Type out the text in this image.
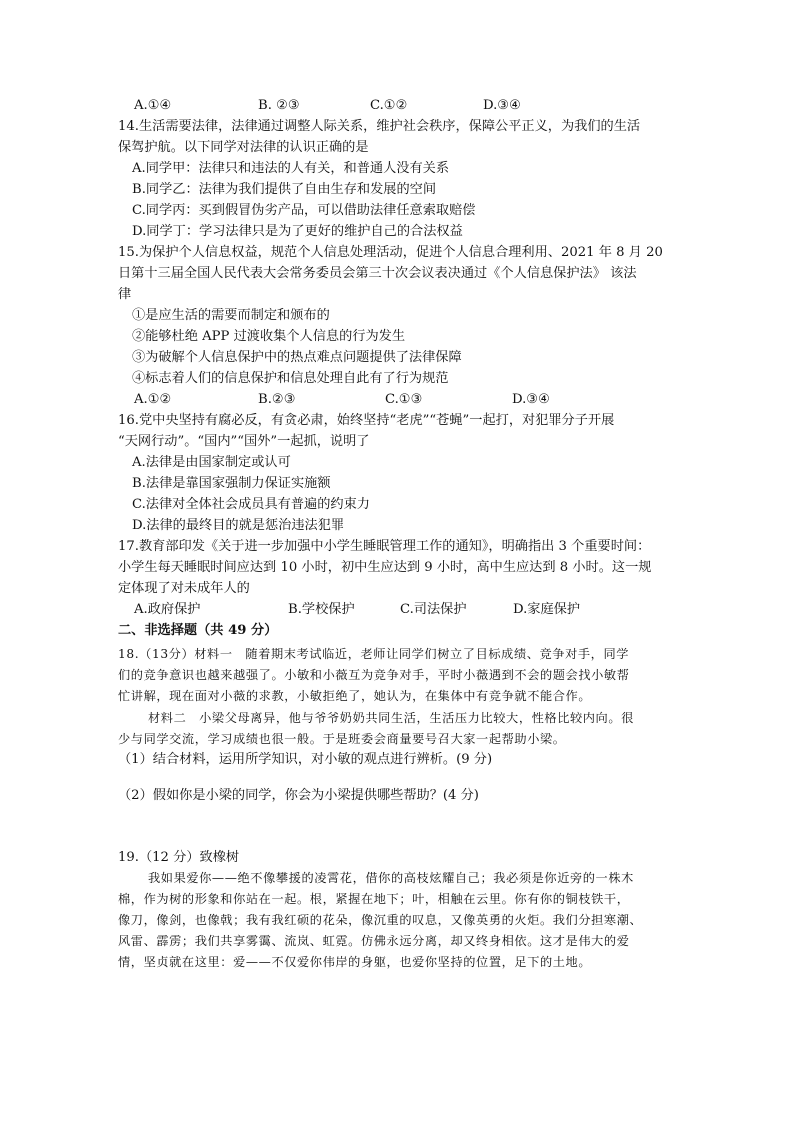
A.①④	B. ②③	C.①②	D.③④
14.生活需要法律，法律通过调整人际关系，维护社会秩序，保障公平正义，为我们的生活
保驾护航。以下同学对法律的认识正确的是
A.同学甲：法律只和违法的人有关，和普通人没有关系
B.同学乙：法律为我们提供了自由生存和发展的空间
C.同学丙：买到假冒伪劣产品，可以借助法律任意索取赔偿
D.同学丁：学习法律只是为了更好的维护自己的合法权益
15.为保护个人信息权益，规范个人信息处理活动，促进个人信息合理利用、2021 年 8 月 20
日第十三届全国人民代表大会常务委员会第三十次会议表决通过《个人信息保护法》 该法
律
①是应生活的需要而制定和颁布的
②能够杜绝 APP 过渡收集个人信息的行为发生
③为破解个人信息保护中的热点难点问题提供了法律保障
④标志着人们的信息保护和信息处理自此有了行为规范
A.①②	B.②③	C.①③	D.③④
16.党中央坚持有腐必反，有贪必肃，始终坚持“老虎”“苍蝇”一起打，对犯罪分子开展
“天网行动”。“国内”“国外”一起抓，说明了
A.法律是由国家制定或认可
B.法律是靠国家强制力保证实施额
C.法律对全体社会成员具有普遍的约束力
D.法律的最终目的就是惩治违法犯罪
17.教育部印发《关于进一步加强中小学生睡眠管理工作的通知》，明确指出 3 个重要时间：
小学生每天睡眠时间应达到 10 小时，初中生应达到 9 小时，高中生应达到 8 小时。这一规
定体现了对未成年人的
A.政府保护	B.学校保护	C.司法保护	D.家庭保护
二、非选择题（共 49 分）
18.（13分）材料一　随着期末考试临近，老师让同学们树立了目标成绩、竞争对手，同学
们的竞争意识也越来越强了。小敏和小薇互为竞争对手，平时小薇遇到不会的题会找小敏帮
忙讲解，现在面对小薇的求教，小敏拒绝了，她认为，在集体中有竞争就不能合作。
材料二　小梁父母离异，他与爷爷奶奶共同生活，生活压力比较大，性格比较内向。很
少与同学交流，学习成绩也很一般。于是班委会商量要号召大家一起帮助小梁。
（1）结合材料，运用所学知识，对小敏的观点进行辨析。(9 分)
（2）假如你是小梁的同学，你会为小梁提供哪些帮助？(4 分)
19.（12 分）致橡树
我如果爱你——绝不像攀援的凌霄花，借你的高枝炫耀自己；我必须是你近旁的一株木
棉，作为树的形象和你站在一起。根，紧握在地下；叶，相触在云里。你有你的铜枝铁干，
像刀，像剑，也像戟；我有我红硕的花朵，像沉重的叹息，又像英勇的火炬。我们分担寒潮、
风雷、霹雳；我们共享雾霭、流岚、虹霓。仿佛永远分离，却又终身相依。这才是伟大的爱
情，坚贞就在这里：爱——不仅爱你伟岸的身躯，也爱你坚持的位置，足下的土地。
